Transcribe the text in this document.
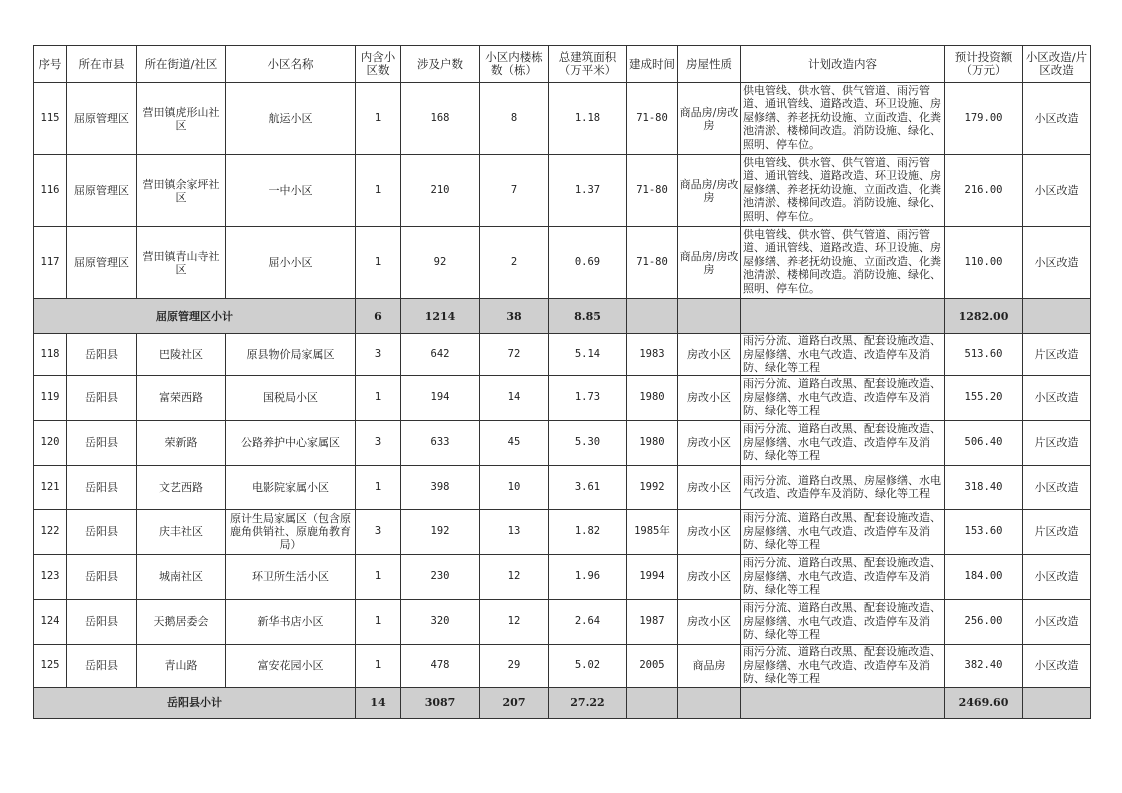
序号	所在市县	所在街道/社区	小区名称	内含小区数	涉及户数	小区内楼栋数（栋）	总建筑面积（万平米）	建成时间	房屋性质	计划改造内容	预计投资额（万元）	小区改造/片区改造
115	屈原管理区	营田镇虎形山社区	航运小区	1	168	8	1.18	71-80	商品房/房改房	供电管线、供水管、供气管道、雨污管道、通讯管线、道路改造、环卫设施、房屋修缮、养老抚幼设施、立面改造、化粪池清淤、楼梯间改造。消防设施、绿化、照明、停车位。	179.00	小区改造
116	屈原管理区	营田镇余家坪社区	一中小区	1	210	7	1.37	71-80	商品房/房改房	供电管线、供水管、供气管道、雨污管道、通讯管线、道路改造、环卫设施、房屋修缮、养老抚幼设施、立面改造、化粪池清淤、楼梯间改造。消防设施、绿化、照明、停车位。	216.00	小区改造
117	屈原管理区	营田镇青山寺社区	屈小小区	1	92	2	0.69	71-80	商品房/房改房	供电管线、供水管、供气管道、雨污管道、通讯管线、道路改造、环卫设施、房屋修缮、养老抚幼设施、立面改造、化粪池清淤、楼梯间改造。消防设施、绿化、照明、停车位。	110.00	小区改造
屈原管理区小计				6	1214	38	8.85				1282.00	
118	岳阳县	巴陵社区	原县物价局家属区	3	642	72	5.14	1983	房改小区	雨污分流、道路白改黑、配套设施改造、房屋修缮、水电气改造、改造停车及消防、绿化等工程	513.60	片区改造
119	岳阳县	富荣西路	国税局小区	1	194	14	1.73	1980	房改小区	雨污分流、道路白改黑、配套设施改造、房屋修缮、水电气改造、改造停车及消防、绿化等工程	155.20	小区改造
120	岳阳县	荣新路	公路养护中心家属区	3	633	45	5.30	1980	房改小区	雨污分流、道路白改黑、配套设施改造、房屋修缮、水电气改造、改造停车及消防、绿化等工程	506.40	片区改造
121	岳阳县	文艺西路	电影院家属小区	1	398	10	3.61	1992	房改小区	雨污分流、道路白改黑、房屋修缮、水电气改造、改造停车及消防、绿化等工程	318.40	小区改造
122	岳阳县	庆丰社区	原计生局家属区（包含原鹿角供销社、原鹿角教育局）	3	192	13	1.82	1985年	房改小区	雨污分流、道路白改黑、配套设施改造、房屋修缮、水电气改造、改造停车及消防、绿化等工程	153.60	片区改造
123	岳阳县	城南社区	环卫所生活小区	1	230	12	1.96	1994	房改小区	雨污分流、道路白改黑、配套设施改造、房屋修缮、水电气改造、改造停车及消防、绿化等工程	184.00	小区改造
124	岳阳县	天鹅居委会	新华书店小区	1	320	12	2.64	1987	房改小区	雨污分流、道路白改黑、配套设施改造、房屋修缮、水电气改造、改造停车及消防、绿化等工程	256.00	小区改造
125	岳阳县	青山路	富安花园小区	1	478	29	5.02	2005	商品房	雨污分流、道路白改黑、配套设施改造、房屋修缮、水电气改造、改造停车及消防、绿化等工程	382.40	小区改造
岳阳县小计				14	3087	207	27.22				2469.60	
